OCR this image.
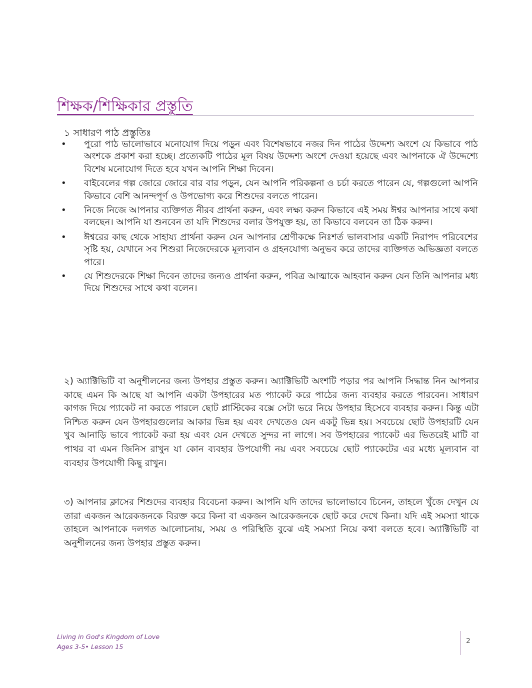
শিক্ষক/শিক্ষিকার প্রস্তুতি
১ সাধারণ পাঠ প্রস্তুতিঃ
• পুরো পাঠ ভালোভাবে মনোযোগ দিয়ে পড়ুন এবং বিশেষভাবে নজর দিন পাঠের উদ্দেশ্য অংশে যে কিভাবে পাঠ অংশকে প্রকাশ করা হচ্ছে। প্রত্যেকটি পাঠের মূল বিষয় উদ্দেশ্য অংশে দেওয়া হয়েছে এবং আপনাকে ঐ উদ্দেশ্যে বিশেষ মনোযোগ দিতে হবে যখন আপনি শিক্ষা দিবেন।
• বাইবেলের গল্প জোরে জোরে বার বার পড়ুন, যেন আপনি পরিকল্পনা ও চর্চা করতে পারেন যে, গল্পগুলো আপনি কিভাবে বেশি আনন্দপূর্ণ ও উপভোগ্য করে শিশুদের বলতে পারেন।
• নিজে নিজে আপনার ব্যক্তিগত নীরব প্রার্থনা করুন, এবং লক্ষ্য করুন কিভাবে এই সময় ঈশ্বর আপনার সাথে কথা বলছেন। আপনি যা শুনবেন তা যদি শিশুদের বলার উপযুক্ত হয়, তা কিভাবে বলবেন তা ঠিক করুন।
• ঈশ্বরের কাছ থেকে সাহায্য প্রার্থনা করুন যেন আপনার শ্রেণীকক্ষে নিঃশর্ত ভালবাসার একটি নিরাপদ পরিবেশের সৃষ্টি হয়, যেখানে সব শিশুরা নিজেদেরকে মূল্যবান ও গ্রহনযোগ্য অনুভব করে তাদের ব্যক্তিগত অভিজ্ঞতা বলতে পারে।
• যে শিশুদেরকে শিক্ষা দিবেন তাদের জন্যও প্রার্থনা করুন, পবিত্র আত্মাকে আহবান করুন যেন তিনি আপনার মধ্য দিয়ে শিশুদের সাথে কথা বলেন।

২) অ্যাক্টিভিটি বা অনুশীলনের জন্য উপহার প্রস্তুত করুন। অ্যাক্টিভিটি অংশটি পড়ার পর আপনি সিদ্ধান্ত নিন আপনার কাছে এমন কি আছে যা আপনি একটা উপহারের মত প্যাকেট করে পাঠের জন্য ব্যবহার করতে পারবেন। সাধারণ কাগজ দিয়ে প্যাকেট না করতে পারলে ছোট প্লাস্টিকের বক্সে সেটা ভরে নিয়ে উপহার হিসেবে ব্যবহার করুন। কিন্তু এটা নিশ্চিত করুন যেন উপহারগুলোর আকার ভিন্ন হয় এবং দেখতেও যেন একটু ভিন্ন হয়। সবচেয়ে ছোট উপহারটি যেন খুব আনাড়ি ভাবে প্যাকেট করা হয় এবং যেন দেখতে সুন্দর না লাগে। সব উপহারের প্যাকেট এর ভিতরেই মাটি বা পাথর বা এমন জিনিস রাখুন যা কোন ব্যবহার উপযোগী নয় এবং সবচেয়ে ছোট প্যাকেটের এর মধ্যে মূল্যবান বা ব্যবহার উপযোগী কিছু রাখুন।

৩) আপনার ক্লাসের শিশুদের ব্যবহার বিবেচনা করুন। আপনি যদি তাদের ভালোভাবে চিনেন, তাহলে খুঁজে দেখুন যে তারা একজন আরেকজনকে বিরক্ত করে কিনা বা একজন আরেকজনকে ছোট করে দেখে কিনা। যদি এই সমস্যা থাকে তাহলে আপনাকে দলগত আলোচনায়, সময় ও পরিস্থিতি বুঝে এই সমস্যা নিয়ে কথা বলতে হবে। অ্যাক্টিভিটি বা অনুশীলনের জন্য উপহার প্রস্তুত করুন।

Living in God's Kingdom of Love
Ages 3-5• Lesson 15
2
